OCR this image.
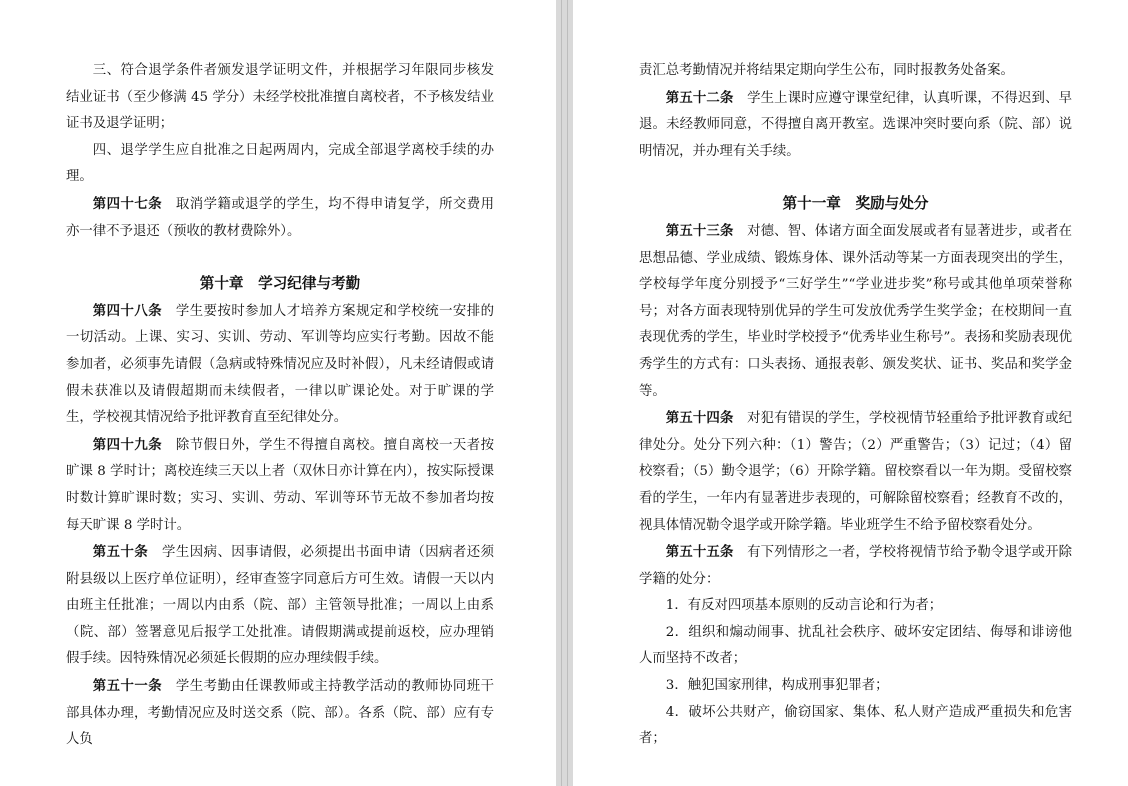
三、符合退学条件者颁发退学证明文件，并根据学习年限同步核发结业证书（至少修满 45 学分）未经学校批准擅自离校者，不予核发结业证书及退学证明；

四、退学学生应自批准之日起两周内，完成全部退学离校手续的办理。

第四十七条　取消学籍或退学的学生，均不得申请复学，所交费用亦一律不予退还（预收的教材费除外）。

第十章　学习纪律与考勤

第四十八条　学生要按时参加人才培养方案规定和学校统一安排的一切活动。上课、实习、实训、劳动、军训等均应实行考勤。因故不能参加者，必须事先请假（急病或特殊情况应及时补假），凡未经请假或请假未获准以及请假超期而未续假者，一律以旷课论处。对于旷课的学生，学校视其情况给予批评教育直至纪律处分。

第四十九条　除节假日外，学生不得擅自离校。擅自离校一天者按旷课 8 学时计；离校连续三天以上者（双休日亦计算在内），按实际授课时数计算旷课时数；实习、实训、劳动、军训等环节无故不参加者均按每天旷课 8 学时计。

第五十条　学生因病、因事请假，必须提出书面申请（因病者还须附县级以上医疗单位证明），经审查签字同意后方可生效。请假一天以内由班主任批准；一周以内由系（院、部）主管领导批准；一周以上由系（院、部）签署意见后报学工处批准。请假期满或提前返校，应办理销假手续。因特殊情况必须延长假期的应办理续假手续。

第五十一条　学生考勤由任课教师或主持教学活动的教师协同班干部具体办理，考勤情况应及时送交系（院、部）。各系（院、部）应有专人负

责汇总考勤情况并将结果定期向学生公布，同时报教务处备案。

第五十二条　学生上课时应遵守课堂纪律，认真听课，不得迟到、早退。未经教师同意，不得擅自离开教室。选课冲突时要向系（院、部）说明情况，并办理有关手续。

第十一章　奖励与处分

第五十三条　对德、智、体诸方面全面发展或者有显著进步，或者在思想品德、学业成绩、锻炼身体、课外活动等某一方面表现突出的学生，学校每学年度分别授予“三好学生”“学业进步奖”称号或其他单项荣誉称号；对各方面表现特别优异的学生可发放优秀学生奖学金；在校期间一直表现优秀的学生，毕业时学校授予“优秀毕业生称号”。表扬和奖励表现优秀学生的方式有：口头表扬、通报表彰、颁发奖状、证书、奖品和奖学金等。

第五十四条　对犯有错误的学生，学校视情节轻重给予批评教育或纪律处分。处分下列六种：（1）警告；（2）严重警告；（3）记过；（4）留校察看；（5）勤令退学；（6）开除学籍。留校察看以一年为期。受留校察看的学生，一年内有显著进步表现的，可解除留校察看；经教育不改的，视具体情况勒令退学或开除学籍。毕业班学生不给予留校察看处分。

第五十五条　有下列情形之一者，学校将视情节给予勒令退学或开除学籍的处分：

1．有反对四项基本原则的反动言论和行为者；

2．组织和煽动闹事、扰乱社会秩序、破坏安定团结、侮辱和诽谤他人而坚持不改者；

3．触犯国家刑律，构成刑事犯罪者；

4．破坏公共财产，偷窃国家、集体、私人财产造成严重损失和危害者；
